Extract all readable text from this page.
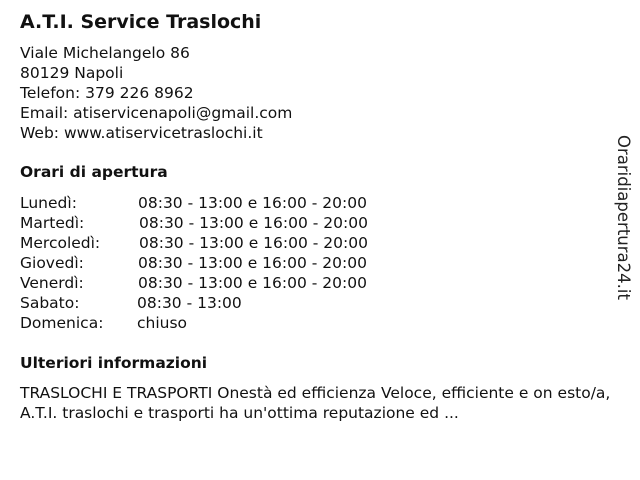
A.T.I. Service Traslochi
Viale Michelangelo 86
80129 Napoli
Telefon: 379 226 8962
Email: atiservicenapoli@gmail.com
Web: www.atiservicetraslochi.it
Orari di apertura
Lunedì:	08:30 - 13:00 e 16:00 - 20:00
Martedì:	08:30 - 13:00 e 16:00 - 20:00
Mercoledì:	08:30 - 13:00 e 16:00 - 20:00
Giovedì:	08:30 - 13:00 e 16:00 - 20:00
Venerdì:	08:30 - 13:00 e 16:00 - 20:00
Sabato:	08:30 - 13:00
Domenica: chiuso
Ulteriori informazioni
TRASLOCHI E TRASPORTI Onestà ed efficienza Veloce, efficiente e on esto/a, A.T.I. traslochi e trasporti ha un'ottima reputazione ed ...
Oraridiapertura24.it
